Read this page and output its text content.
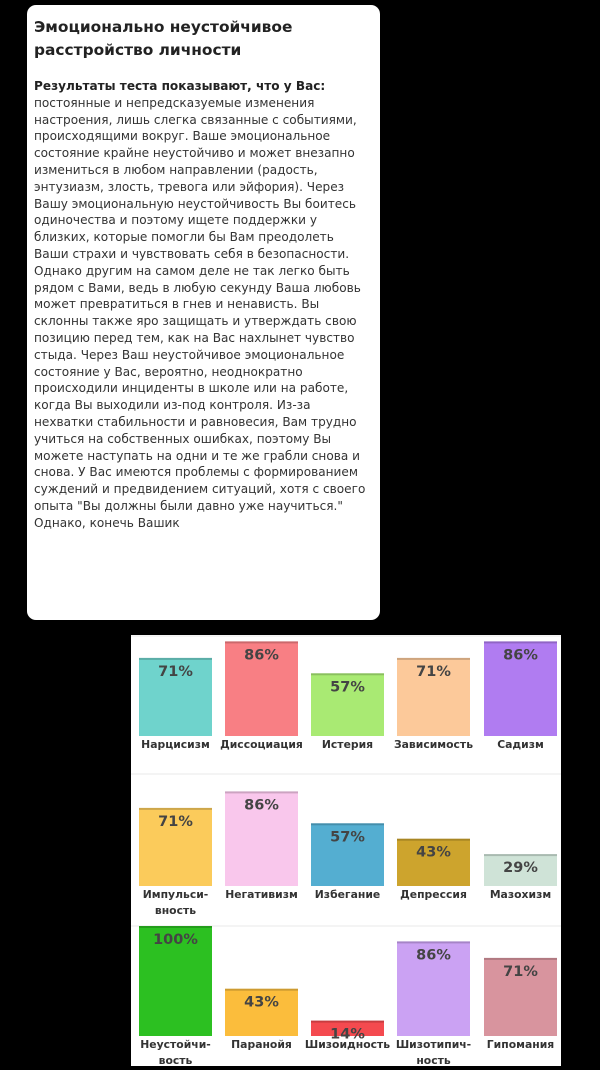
Эмоционально неустойчивое расстройство личности

Результаты теста показывают, что у Вас: постоянные и непредсказуемые изменения настроения, лишь слегка связанные с событиями, происходящими вокруг. Ваше эмоциональное состояние крайне неустойчиво и может внезапно измениться в любом направлении (радость, энтузиазм, злость, тревога или эйфория). Через Вашу эмоциональную неустойчивость Вы боитесь одиночества и поэтому ищете поддержки у близких, которые помогли бы Вам преодолеть Ваши страхи и чувствовать себя в безопасности. Однако другим на самом деле не так легко быть рядом с Вами, ведь в любую секунду Ваша любовь может превратиться в гнев и ненависть. Вы склонны также яро защищать и утверждать свою позицию перед тем, как на Вас нахлынет чувство стыда. Через Ваш неустойчивое эмоциональное состояние у Вас, вероятно, неоднократно происходили инциденты в школе или на работе, когда Вы выходили из-под контроля. Из-за нехватки стабильности и равновесия, Вам трудно учиться на собственных ошибках, поэтому Вы можете наступать на одни и те же грабли снова и снова. У Вас имеются проблемы с формированием суждений и предвидением ситуаций, хотя с своего опыта "Вы должны были давно уже научиться." Однако, конечь Вашик

71%
Нарцисизм
86%
Диссоциация
57%
Истерия
71%
Зависимость
86%
Садизм
71%
Импульси-
вность
86%
Негативизм
57%
Избегание
43%
Депрессия
29%
Мазохизм
100%
Неустойчи-
вость
43%
Паранойя
14%
Шизоидность
86%
Шизотипич-
ность
71%
Гипомания
